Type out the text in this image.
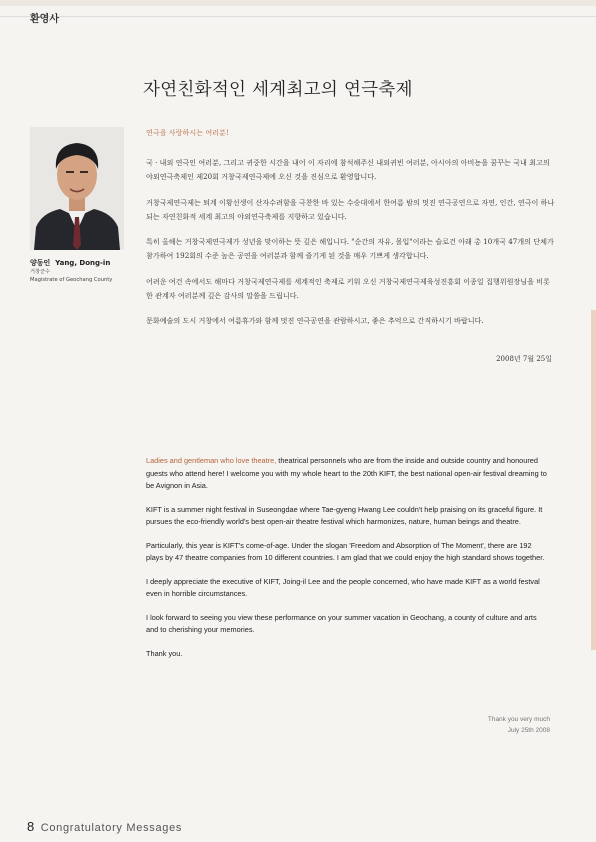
환영사
자연친화적인 세계최고의 연극축제
양동인 Yang, Dong-in
거창군수
Magistrate of Geochang County

연극을 사랑하시는 여러분!

국 · 내외 연극인 여러분, 그리고 귀중한 시간을 내어 이 자리에 참석해주신 내외귀빈 여러분, 아시아의 아비뇽을 꿈꾸는 국내 최고의 야외연극축제인 제20회 거창국제연극제에 오신 것을 진심으로 환영합니다.

거창국제연극제는 퇴계 이황선생이 산자수려함을 극찬한 바 있는 수승대에서 한여름 밤의 멋진 연극공연으로 자연, 인간, 연극이 하나 되는 자연친화적 세계 최고의 야외연극축제를 지향하고 있습니다.

특히 올해는 거창국제연극제가 성년을 맞이하는 뜻 깊은 해입니다. "순간의 자유, 몰입"이라는 슬로건 아래 총 10개국 47개의 단체가 참가하여 192회의 수준 높은 공연을 여러분과 함께 즐기게 된 것을 매우 기쁘게 생각합니다.

어려운 여건 속에서도 해마다 거창국제연극제를 세계적인 축제로 키워 오신 거창국제연극제육성진흥회 이종일 집행위원장님을 비롯한 관계자 여러분께 깊은 감사의 말씀을 드립니다.

문화예술의 도시 거창에서 여름휴가와 함께 멋진 연극공연을 관람하시고, 좋은 추억으로 간직하시기 바랍니다.

2008년 7월 25일

Ladies and gentleman who love theatre, theatrical personnels who are from the inside and outside country and honoured guests who attend here! I welcome you with my whole heart to the 20th KIFT, the best national open-air festival dreaming to be Avignon in Asia.

KIFT is a summer night festival in Suseongdae where Tae-gyeng Hwang Lee couldn't help praising on its graceful figure. It pursues the eco-friendly world's best open-air theatre festival which harmonizes, nature, human beings and theatre.

Particularly, this year is KIFT's come-of-age. Under the slogan 'Freedom and Absorption of The Moment', there are 192 plays by 47 theatre companies from 10 different countries. I am glad that we could enjoy the high standard shows together.

I deeply appreciate the executive of KIFT, Joing-il Lee and the people concerned, who have made KIFT as a world festval even in horrible circumstances.

I look forward to seeing you view these performance on your summer vacation in Geochang, a county of culture and arts and to cherishing your memories.

Thank you.

Thank you very much
July 25th 2008
8 Congratulatory Messages
